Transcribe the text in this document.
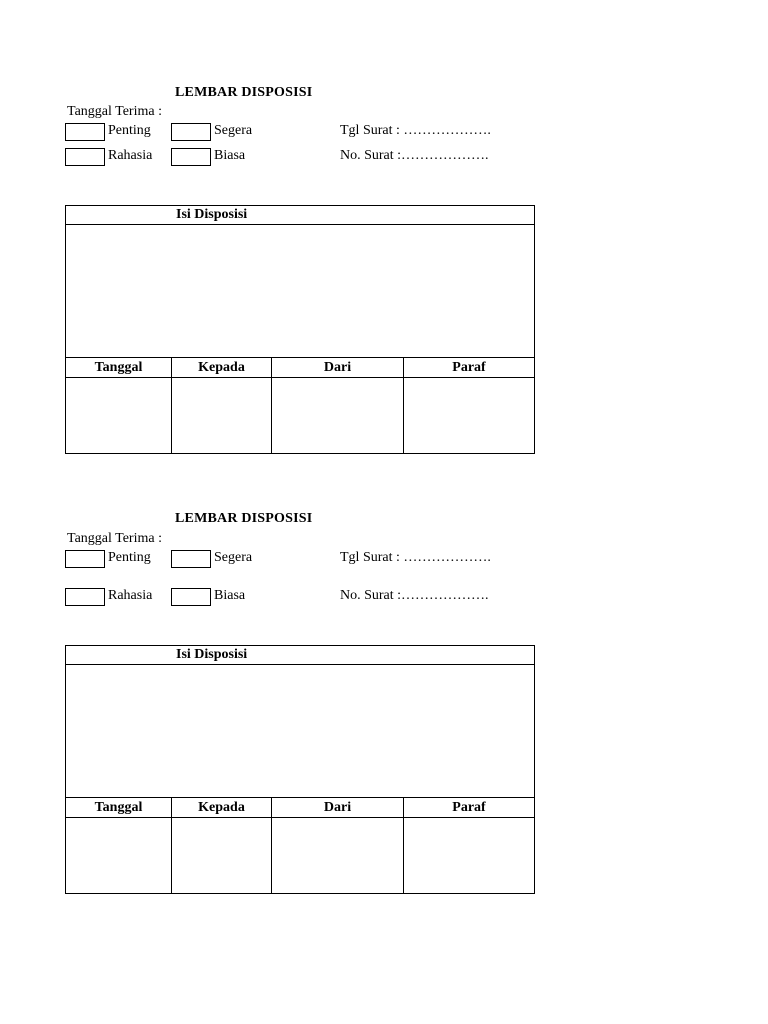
LEMBAR DISPOSISI
Tanggal Terima :
Penting	Segera	Tgl Surat : ……………….
Rahasia	Biasa	No. Surat :……………….
Isi Disposisi
Tanggal	Kepada	Dari	Paraf
LEMBAR DISPOSISI
Tanggal Terima :
Penting	Segera	Tgl Surat : ……………….
Rahasia	Biasa	No. Surat :……………….
Isi Disposisi
Tanggal	Kepada	Dari	Paraf
